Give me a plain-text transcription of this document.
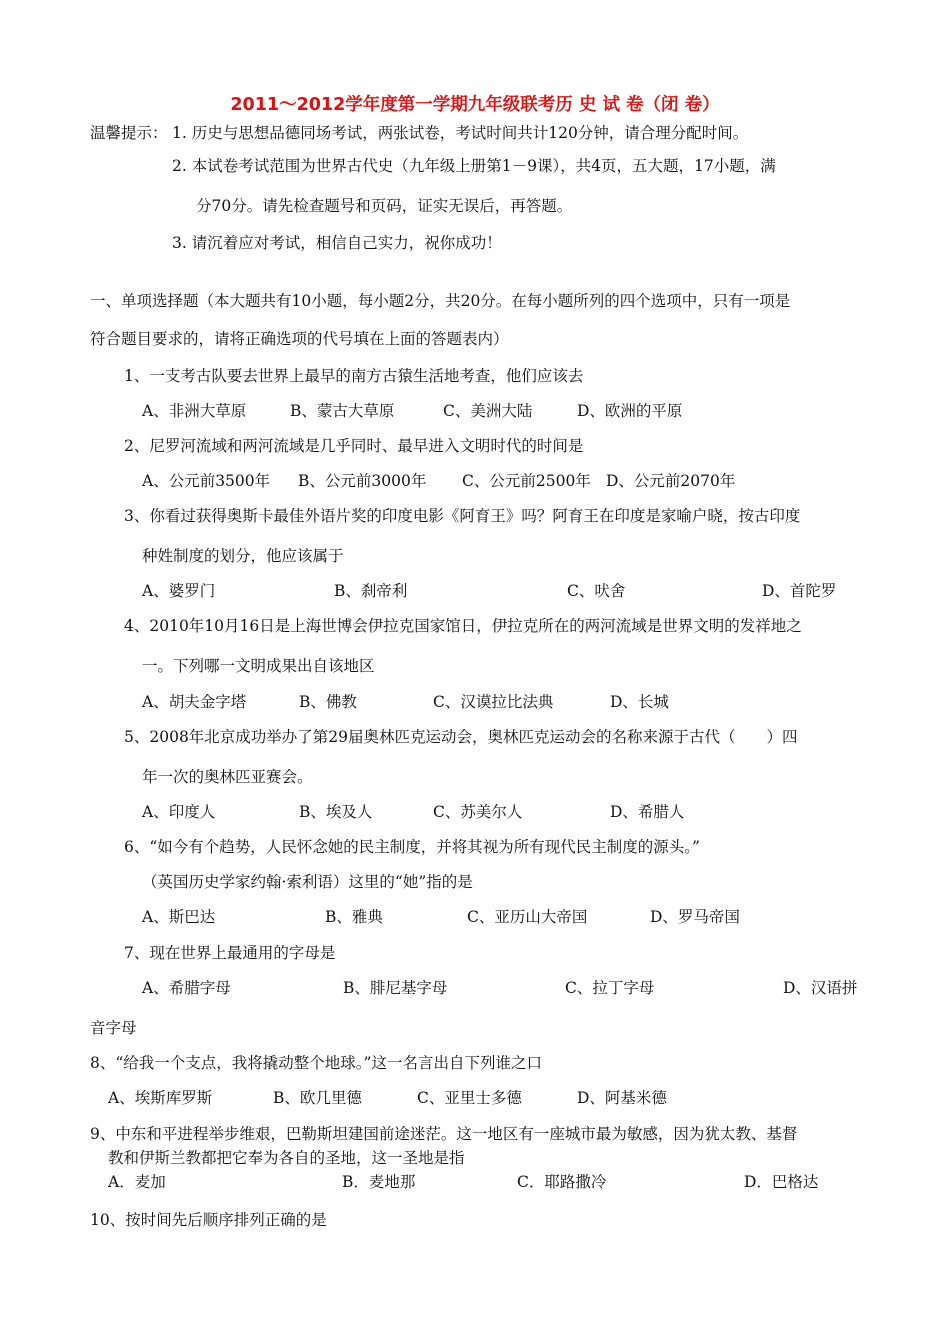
2011～2012学年度第一学期九年级联考历 史 试 卷（闭 卷）
温馨提示： 1. 历史与思想品德同场考试，两张试卷，考试时间共计120分钟，请合理分配时间。
2. 本试卷考试范围为世界古代史（九年级上册第1－9课），共4页，五大题，17小题，满
分70分。请先检查题号和页码，证实无误后，再答题。
3. 请沉着应对考试，相信自己实力，祝你成功！
一、单项选择题（本大题共有10小题，每小题2分，共20分。在每小题所列的四个选项中，只有一项是
符合题目要求的，请将正确选项的代号填在上面的答题表内）
1、一支考古队要去世界上最早的南方古猿生活地考查，他们应该去
A、非洲大草原	B、蒙古大草原	C、美洲大陆	D、欧洲的平原
2、尼罗河流域和两河流域是几乎同时、最早进入文明时代的时间是
A、公元前3500年 B、公元前3000年 C、公元前2500年 D、公元前2070年
3、你看过获得奥斯卡最佳外语片奖的印度电影《阿育王》吗？阿育王在印度是家喻户晓，按古印度
种姓制度的划分，他应该属于
A、婆罗门	B、刹帝利	C、吠舍	D、首陀罗
4、2010年10月16日是上海世博会伊拉克国家馆日，伊拉克所在的两河流域是世界文明的发祥地之
一。下列哪一文明成果出自该地区
A、胡夫金字塔	B、佛教	C、汉谟拉比法典	D、长城
5、2008年北京成功举办了第29届奥林匹克运动会，奥林匹克运动会的名称来源于古代（　　）四
年一次的奥林匹亚赛会。
A、印度人	B、埃及人	C、苏美尔人	D、希腊人
6、“如今有个趋势，人民怀念她的民主制度，并将其视为所有现代民主制度的源头。”
（英国历史学家约翰·索利语）这里的“她”指的是
A、斯巴达	B、雅典	C、亚历山大帝国	D、罗马帝国
7、现在世界上最通用的字母是
A、希腊字母	B、腓尼基字母	C、拉丁字母	D、汉语拼
音字母
8、“给我一个支点，我将撬动整个地球。”这一名言出自下列谁之口
A、埃斯库罗斯	B、欧几里德	C、亚里士多德	D、阿基米德
9、中东和平进程举步维艰，巴勒斯坦建国前途迷茫。这一地区有一座城市最为敏感，因为犹太教、基督
教和伊斯兰教都把它奉为各自的圣地，这一圣地是指
A．麦加	B．麦地那	C．耶路撒冷	D．巴格达
10、按时间先后顺序排列正确的是
